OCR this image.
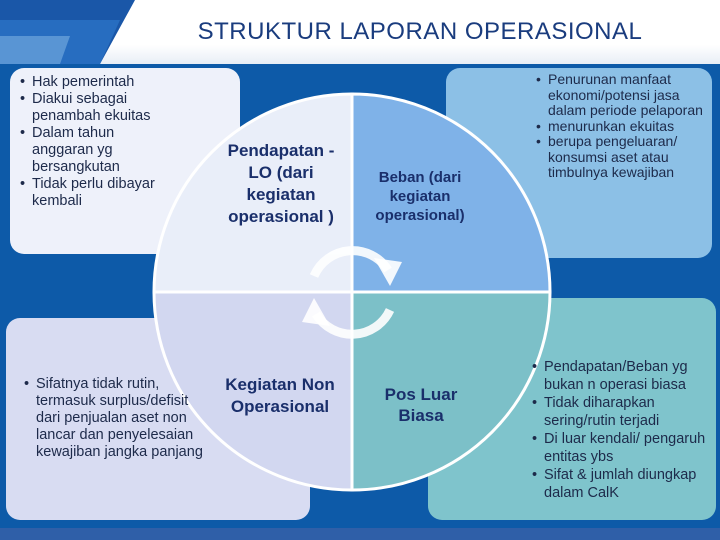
STRUKTUR LAPORAN OPERASIONAL
Pendapatan -LO (dari kegiatan operasional )
Beban (dari kegiatan operasional)
Kegiatan Non Operasional
Pos Luar Biasa
• Hak pemerintah
• Diakui sebagai penambah ekuitas
• Dalam tahun anggaran yg bersangkutan
• Tidak perlu dibayar kembali
• Penurunan manfaat ekonomi/potensi jasa dalam periode pelaporan
• menurunkan ekuitas
• berupa pengeluaran/ konsumsi aset atau timbulnya kewajiban
• Sifatnya tidak rutin, termasuk surplus/defisit dari penjualan aset non lancar dan penyelesaian kewajiban jangka panjang
• Pendapatan/Beban yg bukan n operasi biasa
• Tidak diharapkan sering/rutin terjadi
• Di luar kendali/ pengaruh entitas ybs
• Sifat & jumlah diungkap dalam CalK
